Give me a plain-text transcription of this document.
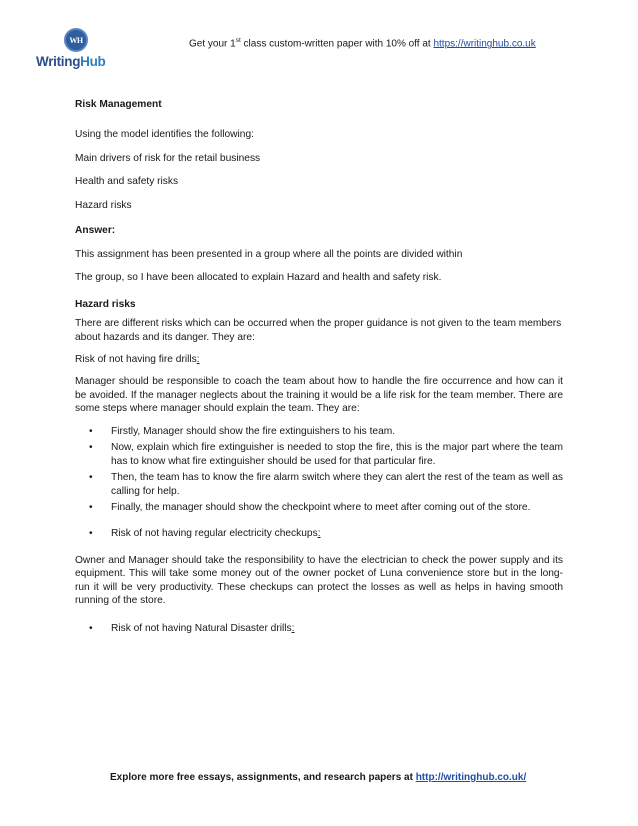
WH
WritingHub
Get your 1st class custom-written paper with 10% off at https://writinghub.co.uk

Risk Management

Using the model identifies the following:

Main drivers of risk for the retail business

Health and safety risks

Hazard risks

Answer:

This assignment has been presented in a group where all the points are divided within

The group, so I have been allocated to explain Hazard and health and safety risk.

Hazard risks

There are different risks which can be occurred when the proper guidance is not given to the team members about hazards and its danger. They are:

Risk of not having fire drills:

Manager should be responsible to coach the team about how to handle the fire occurrence and how can it be avoided. If the manager neglects about the training it would be a life risk for the team member. There are some steps where manager should explain the team. They are:

• Firstly, Manager should show the fire extinguishers to his team.
• Now, explain which fire extinguisher is needed to stop the fire, this is the major part where the team has to know what fire extinguisher should be used for that particular fire.
• Then, the team has to know the fire alarm switch where they can alert the rest of the team as well as calling for help.
• Finally, the manager should show the checkpoint where to meet after coming out of the store.
• Risk of not having regular electricity checkups:

Owner and Manager should take the responsibility to have the electrician to check the power supply and its equipment. This will take some money out of the owner pocket of Luna convenience store but in the long-run it will be very productivity. These checkups can protect the losses as well as helps in having smooth running of the store.

• Risk of not having Natural Disaster drills:
Explore more free essays, assignments, and research papers at http://writinghub.co.uk/
